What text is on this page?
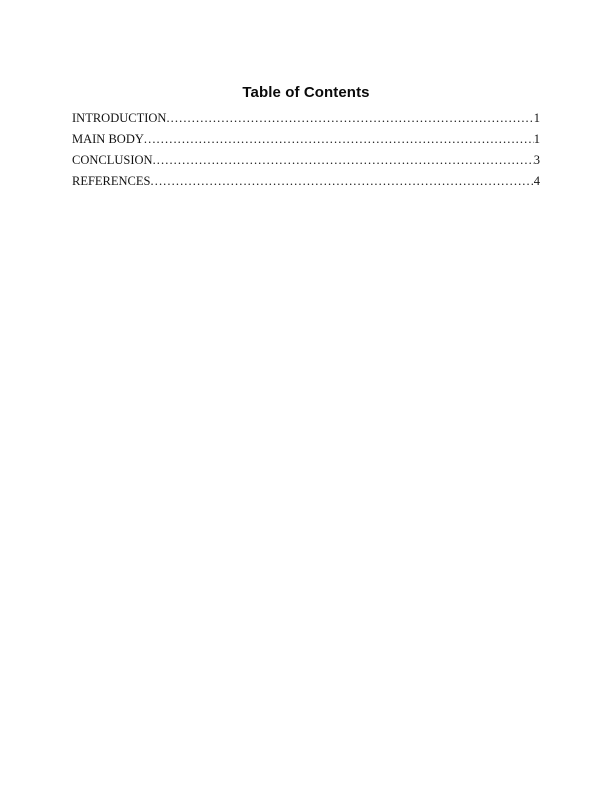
Table of Contents
INTRODUCTION .....	1
MAIN BODY .....	1
CONCLUSION .....	3
REFERENCES .....	4
